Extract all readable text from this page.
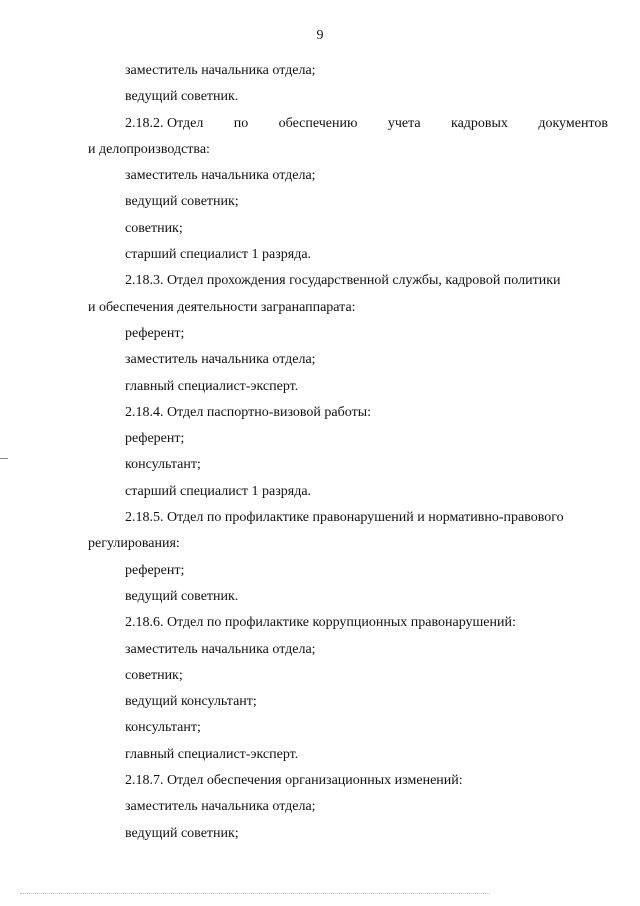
9

заместитель начальника отдела;

ведущий советник.

2.18.2. Отдел по обеспечению учета кадровых документов

и делопроизводства:

заместитель начальника отдела;

ведущий советник;

советник;

старший специалист 1 разряда.

2.18.3. Отдел прохождения государственной службы, кадровой политики

и обеспечения деятельности загранаппарата:

референт;

заместитель начальника отдела;

главный специалист-эксперт.

2.18.4. Отдел паспортно-визовой работы:

референт;

консультант;

старший специалист 1 разряда.

2.18.5. Отдел по профилактике правонарушений и нормативно-правового

регулирования:

референт;

ведущий советник.

2.18.6. Отдел по профилактике коррупционных правонарушений:

заместитель начальника отдела;

советник;

ведущий консультант;

консультант;

главный специалист-эксперт.

2.18.7. Отдел обеспечения организационных изменений:

заместитель начальника отдела;

ведущий советник;
